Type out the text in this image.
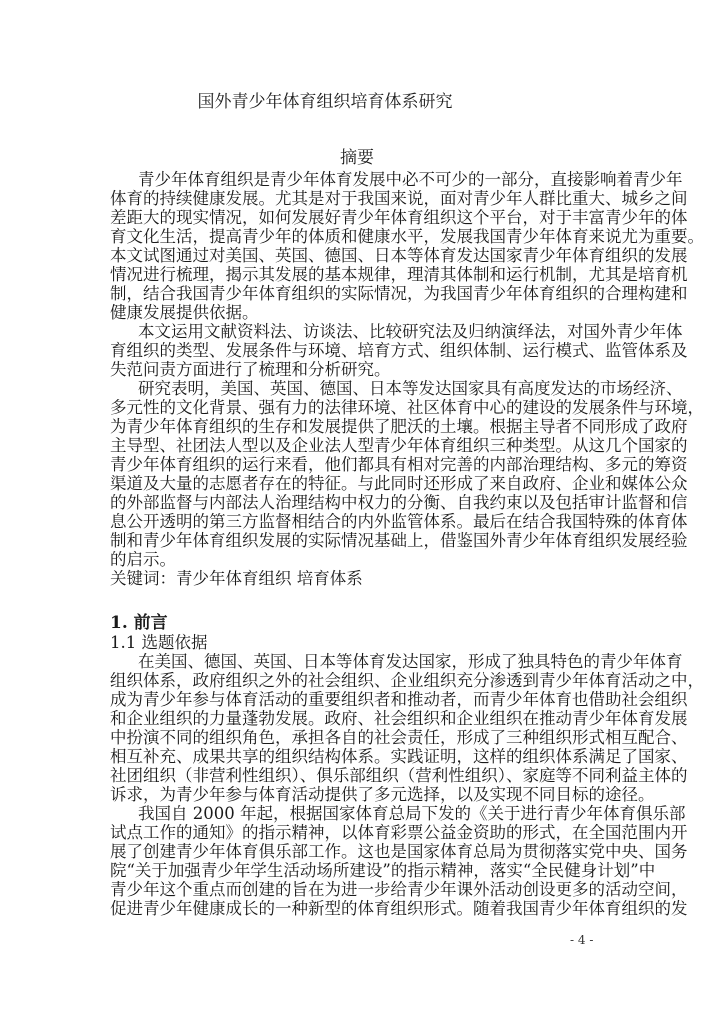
国外青少年体育组织培育体系研究
摘要
青少年体育组织是青少年体育发展中必不可少的一部分，直接影响着青少年
体育的持续健康发展。尤其是对于我国来说，面对青少年人群比重大、城乡之间
差距大的现实情况，如何发展好青少年体育组织这个平台，对于丰富青少年的体
育文化生活，提高青少年的体质和健康水平，发展我国青少年体育来说尤为重要。
本文试图通过对美国、英国、德国、日本等体育发达国家青少年体育组织的发展
情况进行梳理，揭示其发展的基本规律，理清其体制和运行机制，尤其是培育机
制，结合我国青少年体育组织的实际情况，为我国青少年体育组织的合理构建和
健康发展提供依据。
本文运用文献资料法、访谈法、比较研究法及归纳演绎法，对国外青少年体
育组织的类型、发展条件与环境、培育方式、组织体制、运行模式、监管体系及
失范问责方面进行了梳理和分析研究。
研究表明，美国、英国、德国、日本等发达国家具有高度发达的市场经济、
多元性的文化背景、强有力的法律环境、社区体育中心的建设的发展条件与环境，
为青少年体育组织的生存和发展提供了肥沃的土壤。根据主导者不同形成了政府
主导型、社团法人型以及企业法人型青少年体育组织三种类型。从这几个国家的
青少年体育组织的运行来看，他们都具有相对完善的内部治理结构、多元的筹资
渠道及大量的志愿者存在的特征。与此同时还形成了来自政府、企业和媒体公众
的外部监督与内部法人治理结构中权力的分衡、自我约束以及包括审计监督和信
息公开透明的第三方监督相结合的内外监管体系。最后在结合我国特殊的体育体
制和青少年体育组织发展的实际情况基础上，借鉴国外青少年体育组织发展经验
的启示。
关键词：青少年体育组织 培育体系
1. 前言
1.1 选题依据
在美国、德国、英国、日本等体育发达国家，形成了独具特色的青少年体育
组织体系，政府组织之外的社会组织、企业组织充分渗透到青少年体育活动之中，
成为青少年参与体育活动的重要组织者和推动者，而青少年体育也借助社会组织
和企业组织的力量蓬勃发展。政府、社会组织和企业组织在推动青少年体育发展
中扮演不同的组织角色，承担各自的社会责任，形成了三种组织形式相互配合、
相互补充、成果共享的组织结构体系。实践证明，这样的组织体系满足了国家、
社团组织（非营利性组织）、俱乐部组织（营利性组织）、家庭等不同利益主体的
诉求，为青少年参与体育活动提供了多元选择，以及实现不同目标的途径。
我国自 2000 年起，根据国家体育总局下发的《关于进行青少年体育俱乐部
试点工作的通知》的指示精神，以体育彩票公益金资助的形式，在全国范围内开
展了创建青少年体育俱乐部工作。这也是国家体育总局为贯彻落实党中央、国务
院“关于加强青少年学生活动场所建设”的指示精神，落实“全民健身计划”中
青少年这个重点而创建的旨在为进一步给青少年课外活动创设更多的活动空间，
促进青少年健康成长的一种新型的体育组织形式。随着我国青少年体育组织的发
- 4 -
